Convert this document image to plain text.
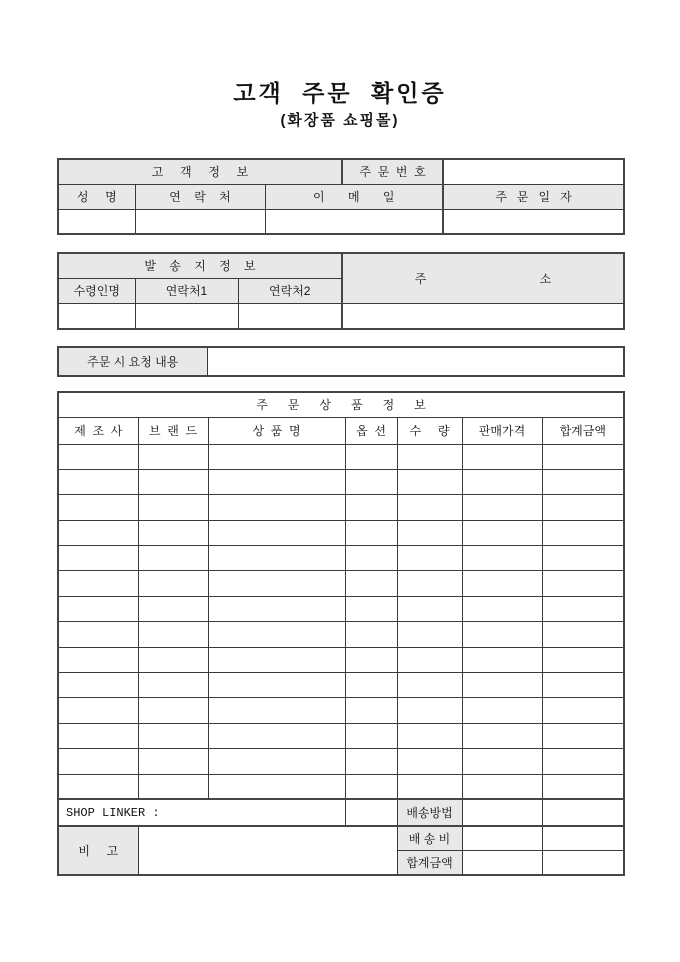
고객 주문 확인증
(화장품 쇼핑몰)
고     객     정     보			주  문  번  호	
성     명	연    락    처	이       메       일		주   문   일   자

발    송    지    정    보			주                                  소
수령인명	연락처1	연락처2	

주문 시 요청 내용	
주      문      상      품      정      보						
제  조  사	브  랜  드	상  품  명	옵  션	수     량	판매가격	합계금액

SHOP LINKER :				배송방법		
비     고				배 송 비		
				합계금액		
